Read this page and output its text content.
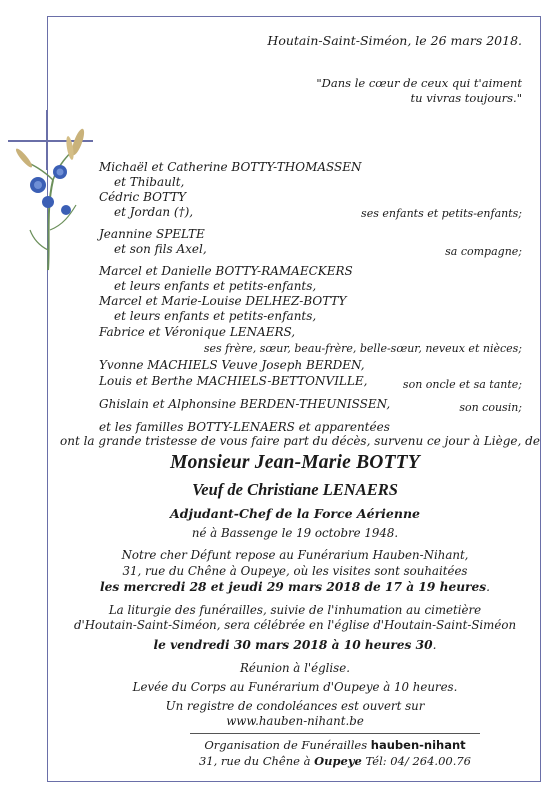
Houtain-Saint-Siméon, le 26 mars 2018.
"Dans le cœur de ceux qui t'aiment
tu vivras toujours."
Michaël et Catherine BOTTY-THOMASSEN
et Thibault,
Cédric BOTTY
et Jordan (†),	ses enfants et petits-enfants;
Jeannine SPELTE
et son fils Axel,	sa compagne;
Marcel et Danielle BOTTY-RAMAECKERS
et leurs enfants et petits-enfants,
Marcel et Marie-Louise DELHEZ-BOTTY
et leurs enfants et petits-enfants,
Fabrice et Véronique LENAERS,
ses frère, sœur, beau-frère, belle-sœur, neveux et nièces;
Yvonne MACHIELS Veuve Joseph BERDEN,
Louis et Berthe MACHIELS-BETTONVILLE,	son oncle et sa tante;
Ghislain et Alphonsine BERDEN-THEUNISSEN,	son cousin;
et les familles BOTTY-LENAERS et apparentées
ont la grande tristesse de vous faire part du décès, survenu ce jour à Liège, de
Monsieur Jean-Marie BOTTY
Veuf de Christiane LENAERS
Adjudant-Chef de la Force Aérienne
né à Bassenge le 19 octobre 1948.
Notre cher Défunt repose au Funérarium Hauben-Nihant,
31, rue du Chêne à Oupeye, où les visites sont souhaitées
les mercredi 28 et jeudi 29 mars 2018 de 17 à 19 heures.
La liturgie des funérailles, suivie de l'inhumation au cimetière
d'Houtain-Saint-Siméon, sera célébrée en l'église d'Houtain-Saint-Siméon
le vendredi 30 mars 2018 à 10 heures 30.
Réunion à l'église.
Levée du Corps au Funérarium d'Oupeye à 10 heures.
Un registre de condoléances est ouvert sur
www.hauben-nihant.be
Organisation de Funérailles hauben-nihant
31, rue du Chêne à Oupeye Tél: 04/ 264.00.76
